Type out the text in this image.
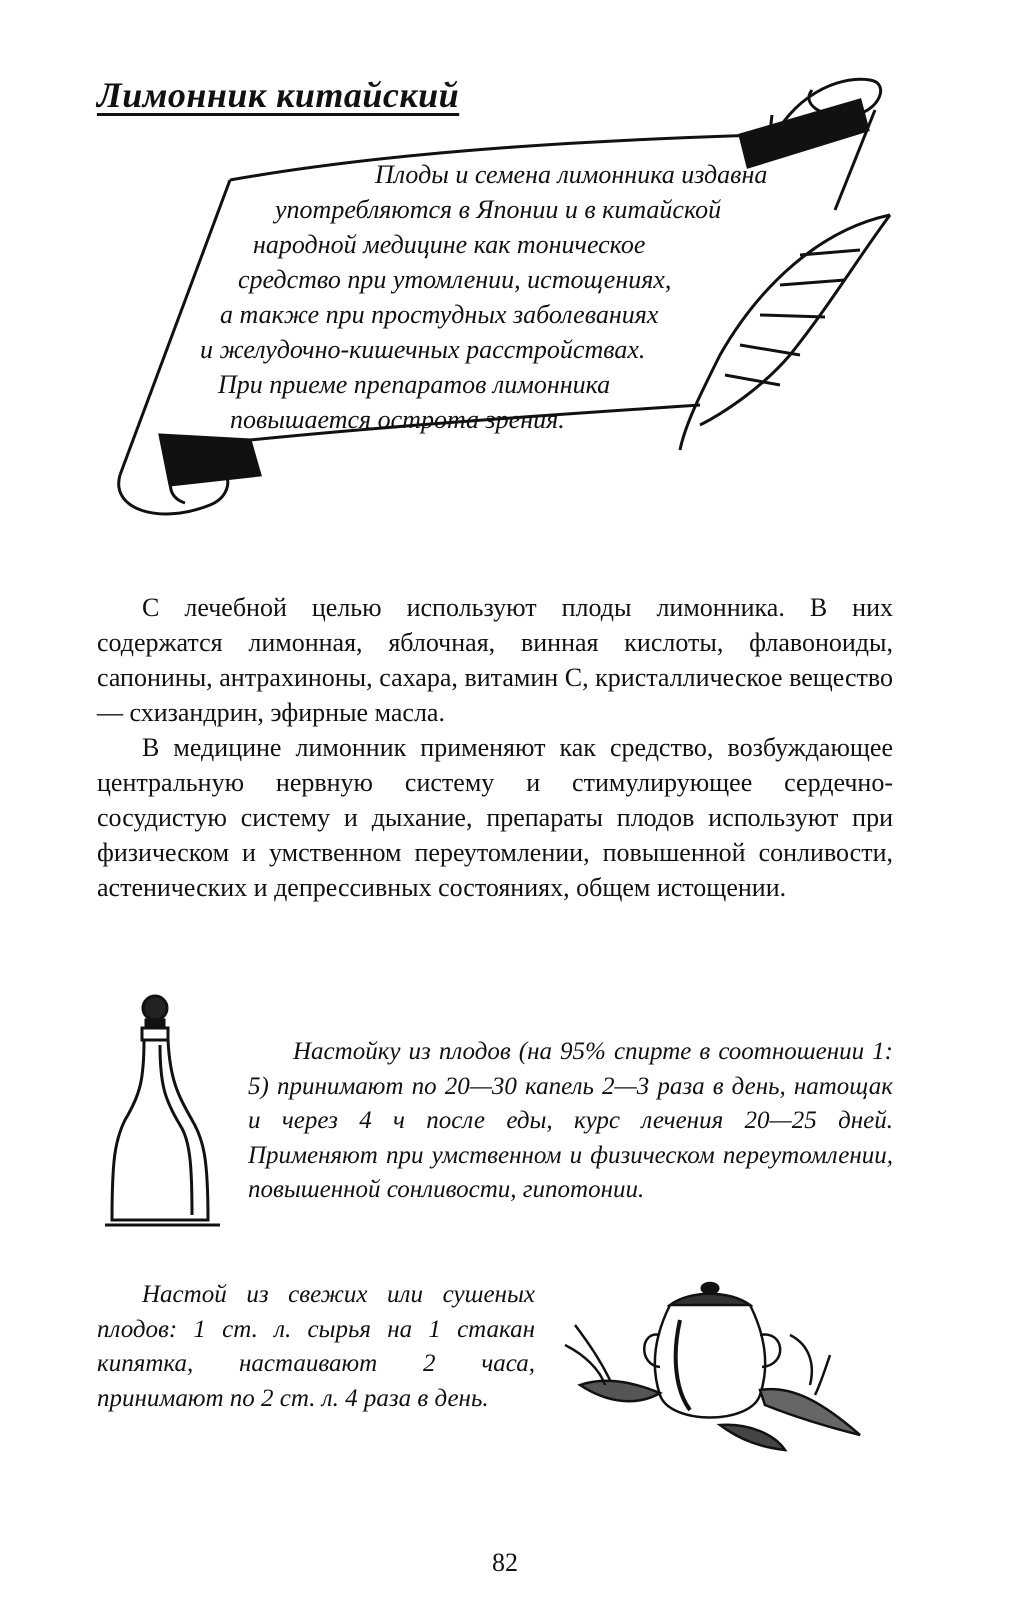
Лимонник китайский
Плоды и семена лимонника издавна
употребляются в Японии и в китайской
народной медицине как тоническое
средство при утомлении, истощениях,
а также при простудных заболеваниях
и желудочно-кишечных расстройствах.
При приеме препаратов лимонника
повышается острота зрения.

С лечебной целью используют плоды лимонника. В них содержатся лимонная, яблочная, винная кислоты, флавоноиды, сапонины, антрахиноны, сахара, витамин С, кристаллическое вещество — схизандрин, эфирные масла.

В медицине лимонник применяют как средство, возбуждающее центральную нервную систему и стимулирующее сердечно-сосудистую систему и дыхание, препараты плодов используют при физическом и умственном переутомлении, повышенной сонливости, астенических и депрессивных состояниях, общем истощении.

Настойку из плодов (на 95% спирте в соотношении 1: 5) принимают по 20—30 капель 2—3 раза в день, натощак и через 4 ч после еды, курс лечения 20—25 дней. Применяют при умственном и физическом переутомлении, повышенной сонливости, гипотонии.

Настой из свежих или сушеных плодов: 1 ст. л. сырья на 1 стакан кипятка, настаивают 2 часа, принимают по 2 ст. л. 4 раза в день.

82
